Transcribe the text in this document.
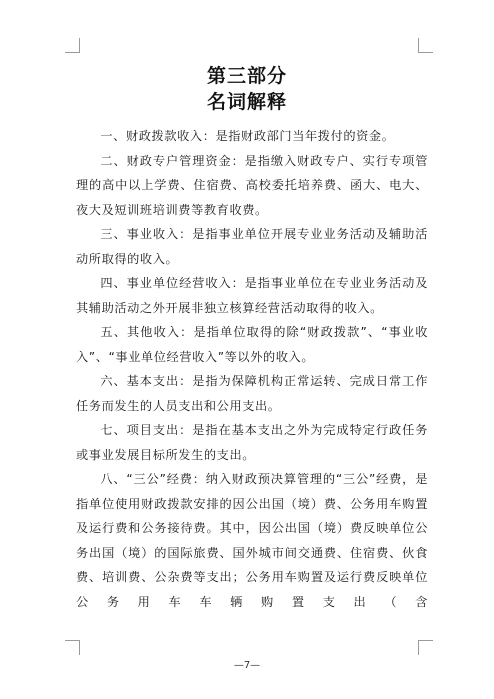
第三部分
名词解释

一、财政拨款收入：是指财政部门当年拨付的资金。

二、财政专户管理资金：是指缴入财政专户、实行专项管理的高中以上学费、住宿费、高校委托培养费、函大、电大、夜大及短训班培训费等教育收费。

三、事业收入：是指事业单位开展专业业务活动及辅助活动所取得的收入。

四、事业单位经营收入：是指事业单位在专业业务活动及其辅助活动之外开展非独立核算经营活动取得的收入。

五、其他收入：是指单位取得的除“财政拨款”、“事业收入”、“事业单位经营收入”等以外的收入。

六、基本支出：是指为保障机构正常运转、完成日常工作任务而发生的人员支出和公用支出。

七、项目支出：是指在基本支出之外为完成特定行政任务或事业发展目标所发生的支出。

八、“三公”经费：纳入财政预决算管理的“三公”经费，是指单位使用财政拨款安排的因公出国（境）费、公务用车购置及运行费和公务接待费。其中，因公出国（境）费反映单位公务出国（境）的国际旅费、国外城市间交通费、住宿费、伙食费、培训费、公杂费等支出；公务用车购置及运行费反映单位公务用车车辆购置支出（含

—7—
